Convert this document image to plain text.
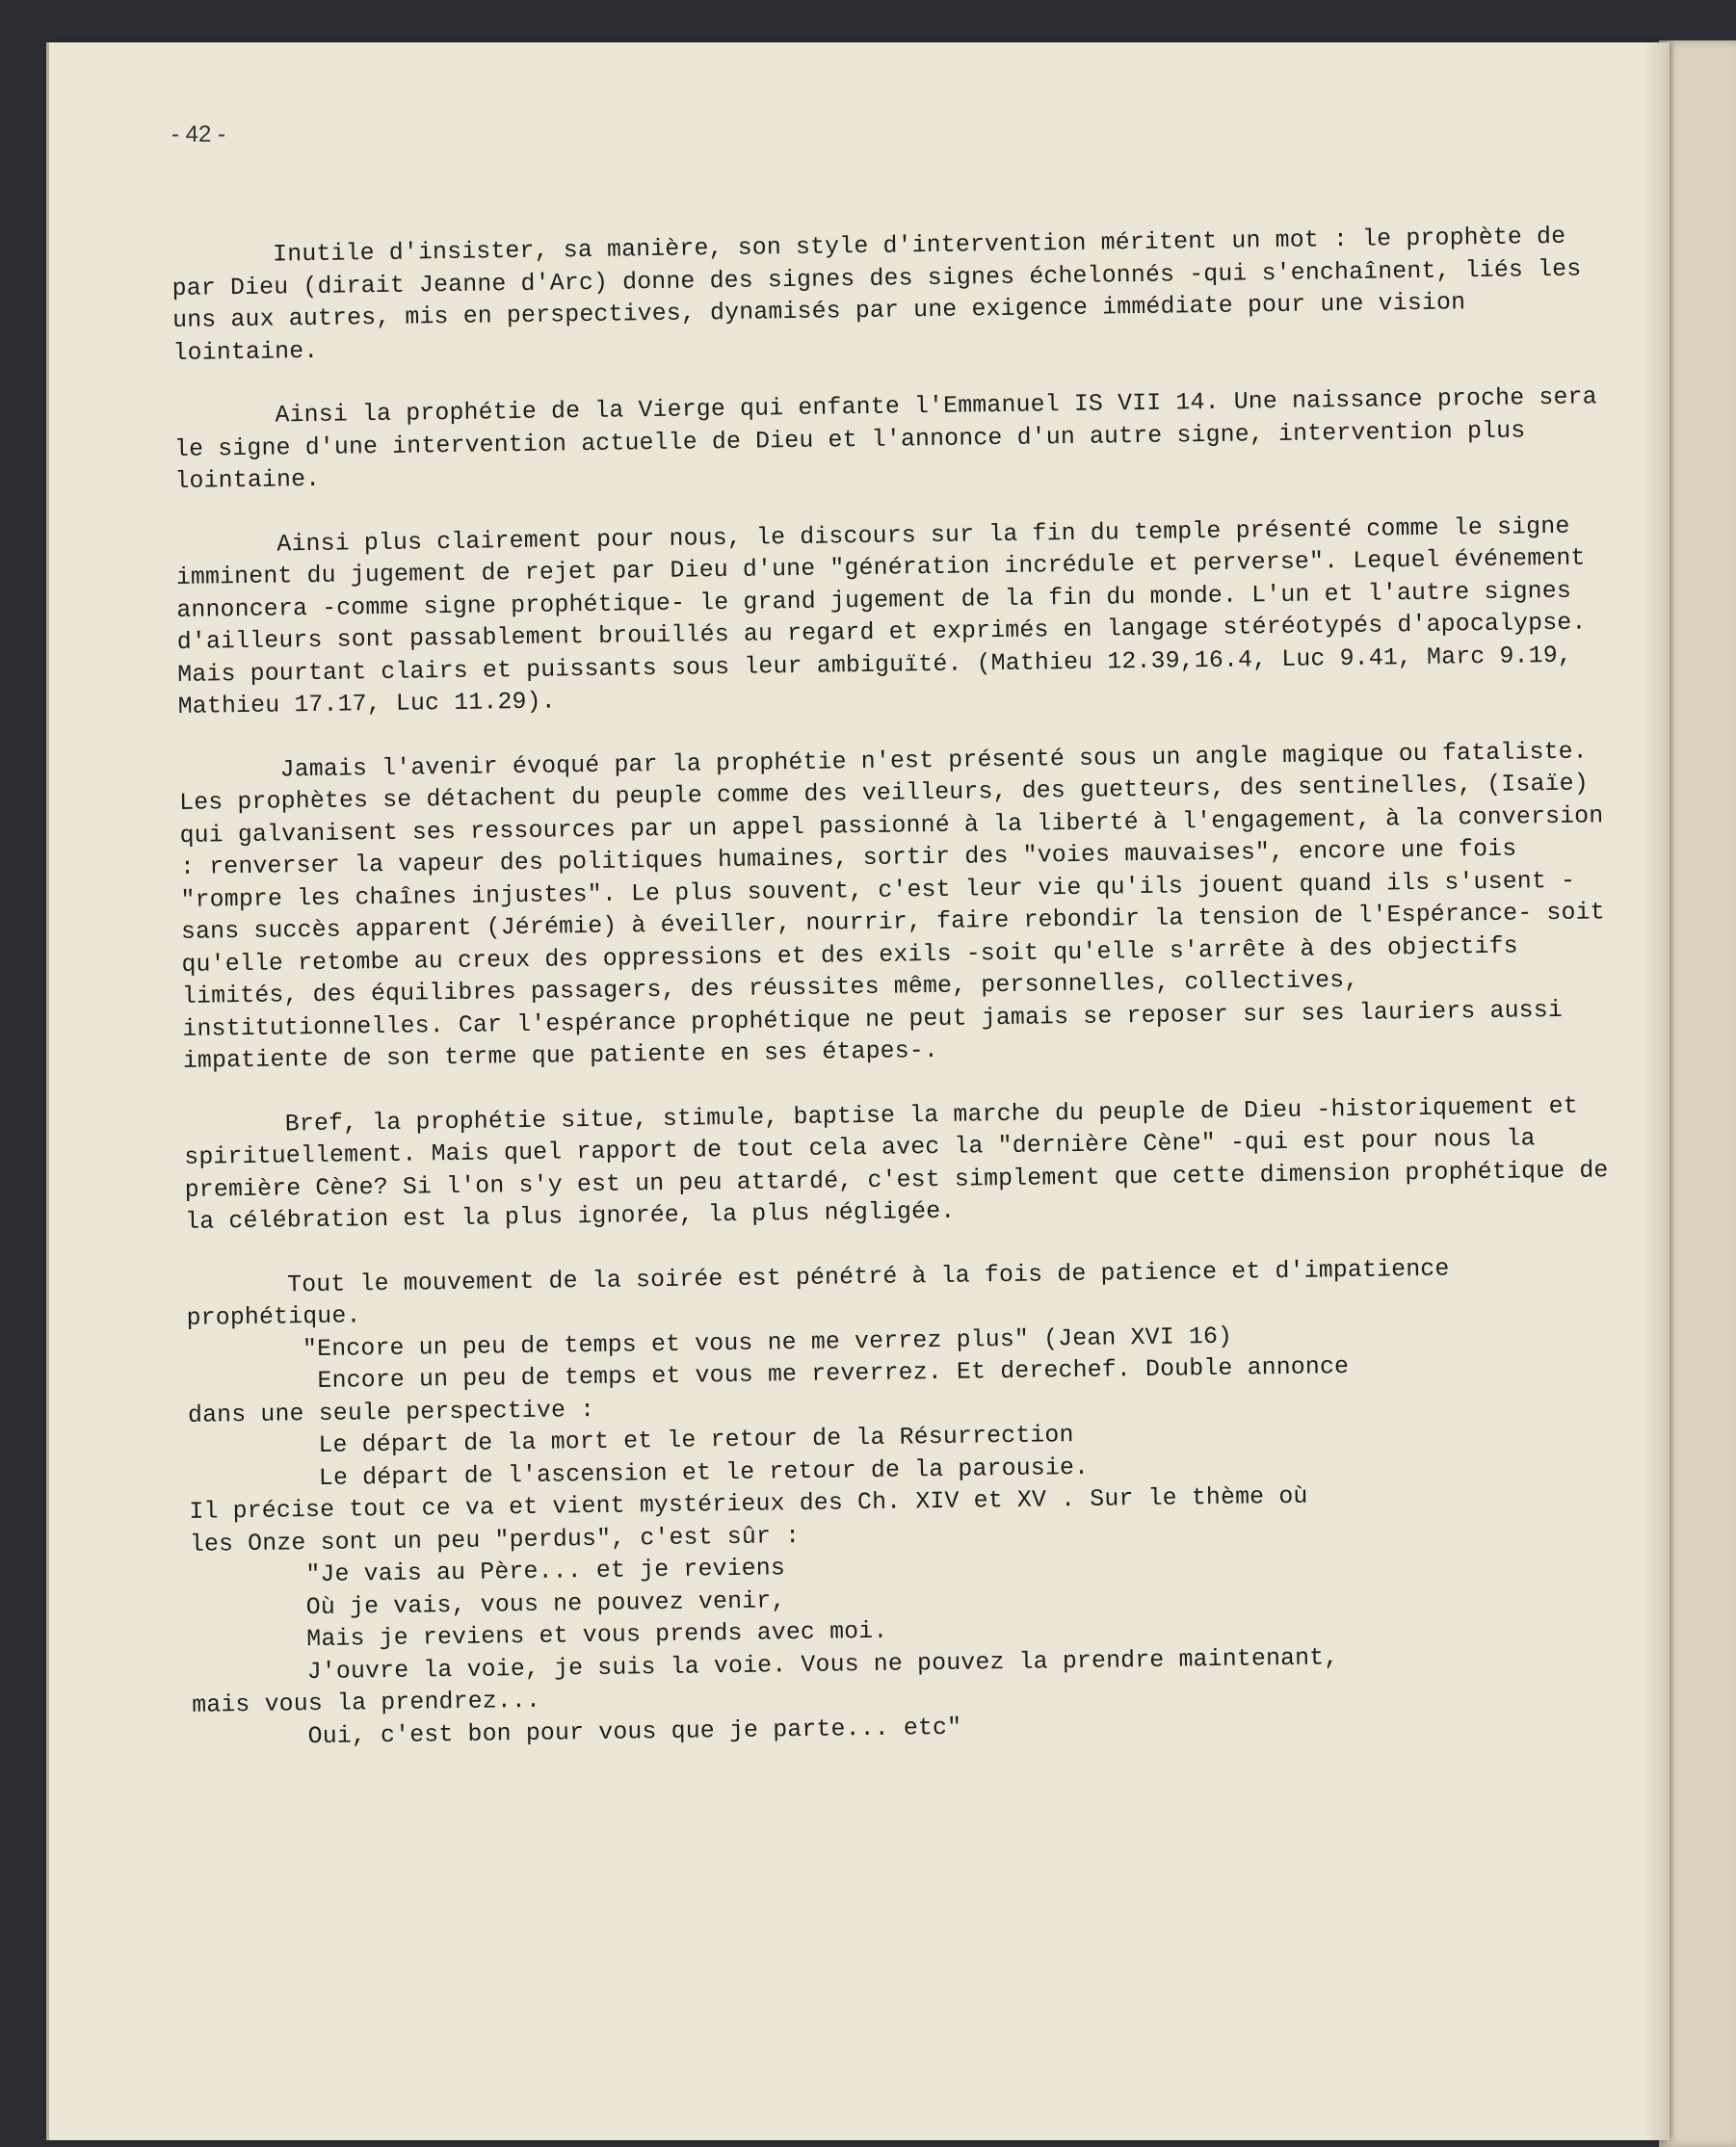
- 42 -

Inutile d'insister, sa manière, son style d'intervention méritent un mot : le prophète de par Dieu (dirait Jeanne d'Arc) donne des signes des signes échelonnés -qui s'enchaînent, liés les uns aux autres, mis en perspectives, dynamisés par une exigence immédiate pour une vision lointaine.

Ainsi la prophétie de la Vierge qui enfante l'Emmanuel IS VII 14. Une naissance proche sera le signe d'une intervention actuelle de Dieu et l'annonce d'un autre signe, intervention plus lointaine.

Ainsi plus clairement pour nous, le discours sur la fin du temple présenté comme le signe imminent du jugement de rejet par Dieu d'une "génération incrédule et perverse". Lequel événement annoncera -comme signe prophétique- le grand jugement de la fin du monde. L'un et l'autre signes d'ailleurs sont passablement brouillés au regard et exprimés en langage stéréotypés d'apocalypse. Mais pourtant clairs et puissants sous leur ambiguïté. (Mathieu 12.39,16.4, Luc 9.41, Marc 9.19, Mathieu 17.17, Luc 11.29).

Jamais l'avenir évoqué par la prophétie n'est présenté sous un angle magique ou fataliste. Les prophètes se détachent du peuple comme des veilleurs, des guetteurs, des sentinelles, (Isaïe) qui galvanisent ses ressources par un appel passionné à la liberté à l'engagement, à la conversion : renverser la vapeur des politiques humaines, sortir des "voies mauvaises", encore une fois "rompre les chaînes injustes". Le plus souvent, c'est leur vie qu'ils jouent quand ils s'usent -sans succès apparent (Jérémie) à éveiller, nourrir, faire rebondir la tension de l'Espérance- soit qu'elle retombe au creux des oppressions et des exils -soit qu'elle s'arrête à des objectifs limités, des équilibres passagers, des réussites même, personnelles, collectives, institutionnelles. Car l'espérance prophétique ne peut jamais se reposer sur ses lauriers aussi impatiente de son terme que patiente en ses étapes-.

Bref, la prophétie situe, stimule, baptise la marche du peuple de Dieu -historiquement et spirituellement. Mais quel rapport de tout cela avec la "dernière Cène" -qui est pour nous la première Cène? Si l'on s'y est un peu attardé, c'est simplement que cette dimension prophétique de la célébration est la plus ignorée, la plus négligée.

Tout le mouvement de la soirée est pénétré à la fois de patience et d'impatience prophétique.

"Encore un peu de temps et vous ne me verrez plus" (Jean XVI 16)

Encore un peu de temps et vous me reverrez. Et derechef. Double annonce

dans une seule perspective :

Le départ de la mort et le retour de la Résurrection

Le départ de l'ascension et le retour de la parousie.

Il précise tout ce va et vient mystérieux des Ch. XIV et XV . Sur le thème où

les Onze sont un peu "perdus", c'est sûr :

"Je vais au Père... et je reviens

Où je vais, vous ne pouvez venir,

Mais je reviens et vous prends avec moi.

J'ouvre la voie, je suis la voie. Vous ne pouvez la prendre maintenant,

mais vous la prendrez...

Oui, c'est bon pour vous que je parte... etc"
